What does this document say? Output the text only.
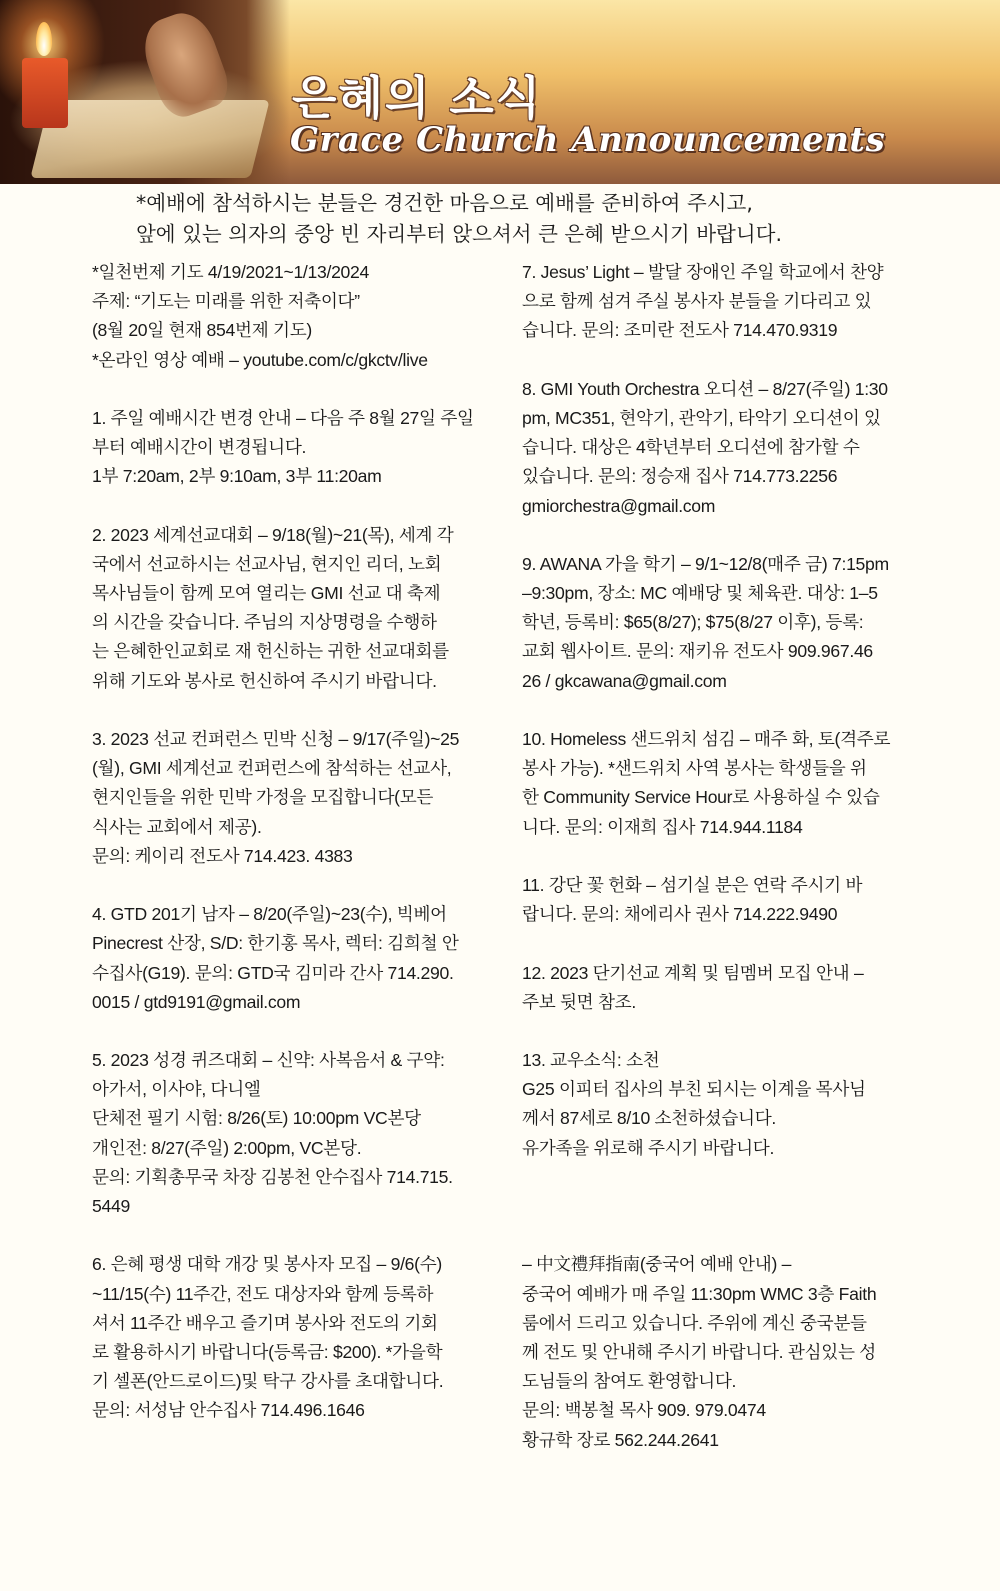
은혜의 소식
Grace Church Announcements
*예배에 참석하시는 분들은 경건한 마음으로 예배를 준비하여 주시고,
앞에 있는 의자의 중앙 빈 자리부터 앉으셔서 큰 은혜 받으시기 바랍니다.
*일천번제 기도 4/19/2021~1/13/2024
주제: “기도는 미래를 위한 저축이다”
(8월 20일 현재 854번제 기도)
*온라인 영상 예배 – youtube.com/c/gkctv/live
1. 주일 예배시간 변경 안내 – 다음 주 8월 27일 주일
부터 예배시간이 변경됩니다.
1부 7:20am, 2부 9:10am, 3부 11:20am
2. 2023 세계선교대회 – 9/18(월)~21(목), 세계 각
국에서 선교하시는 선교사님, 현지인 리더, 노회
목사님들이 함께 모여 열리는 GMI 선교 대 축제
의 시간을 갖습니다. 주님의 지상명령을 수행하
는 은혜한인교회로 재 헌신하는 귀한 선교대회를
위해 기도와 봉사로 헌신하여 주시기 바랍니다.
3. 2023 선교 컨퍼런스 민박 신청 – 9/17(주일)~25
(월), GMI 세계선교 컨퍼런스에 참석하는 선교사,
현지인들을 위한 민박 가정을 모집합니다(모든
식사는 교회에서 제공).
문의: 케이리 전도사 714.423. 4383
4. GTD 201기 남자 – 8/20(주일)~23(수), 빅베어
Pinecrest 산장, S/D: 한기홍 목사, 렉터: 김희철 안
수집사(G19). 문의: GTD국 김미라 간사 714.290.
0015 / gtd9191@gmail.com
5. 2023 성경 퀴즈대회 – 신약: 사복음서 & 구약:
아가서, 이사야, 다니엘
단체전 필기 시험: 8/26(토) 10:00pm VC본당
개인전: 8/27(주일) 2:00pm, VC본당.
문의: 기획총무국 차장 김봉천 안수집사 714.715.
5449
6. 은혜 평생 대학 개강 및 봉사자 모집 – 9/6(수)
~11/15(수) 11주간, 전도 대상자와 함께 등록하
셔서 11주간 배우고 즐기며 봉사와 전도의 기회
로 활용하시기 바랍니다(등록금: $200). *가을학
기 셀폰(안드로이드)및 탁구 강사를 초대합니다.
문의: 서성남 안수집사 714.496.1646
7. Jesus’ Light – 발달 장애인 주일 학교에서 찬양
으로 함께 섬겨 주실 봉사자 분들을 기다리고 있
습니다. 문의: 조미란 전도사 714.470.9319
8. GMI Youth Orchestra 오디션 – 8/27(주일) 1:30
pm, MC351, 현악기, 관악기, 타악기 오디션이 있
습니다. 대상은 4학년부터 오디션에 참가할 수
있습니다. 문의: 정승재 집사 714.773.2256
gmiorchestra@gmail.com
9. AWANA 가을 학기 – 9/1~12/8(매주 금) 7:15pm
–9:30pm, 장소: MC 예배당 및 체육관. 대상: 1–5
학년, 등록비: $65(8/27); $75(8/27 이후), 등록:
교회 웹사이트. 문의: 재키유 전도사 909.967.46
26 / gkcawana@gmail.com
10. Homeless 샌드위치 섬김 – 매주 화, 토(격주로
봉사 가능). *샌드위치 사역 봉사는 학생들을 위
한 Community Service Hour로 사용하실 수 있습
니다. 문의: 이재희 집사 714.944.1184
11. 강단 꽃 헌화 – 섬기실 분은 연락 주시기 바
랍니다. 문의: 채에리사 권사 714.222.9490
12. 2023 단기선교 계획 및 팀멤버 모집 안내 –
주보 뒷면 참조.
13. 교우소식: 소천
G25 이피터 집사의 부친 되시는 이계을 목사님
께서 87세로 8/10 소천하셨습니다.
유가족을 위로해 주시기 바랍니다.
– 中文禮拜指南(중국어 예배 안내) –
중국어 예배가 매 주일 11:30pm WMC 3층 Faith
룸에서 드리고 있습니다. 주위에 계신 중국분들
께 전도 및 안내해 주시기 바랍니다. 관심있는 성
도님들의 참여도 환영합니다.
문의: 백봉철 목사 909. 979.0474
황규학 장로 562.244.2641
